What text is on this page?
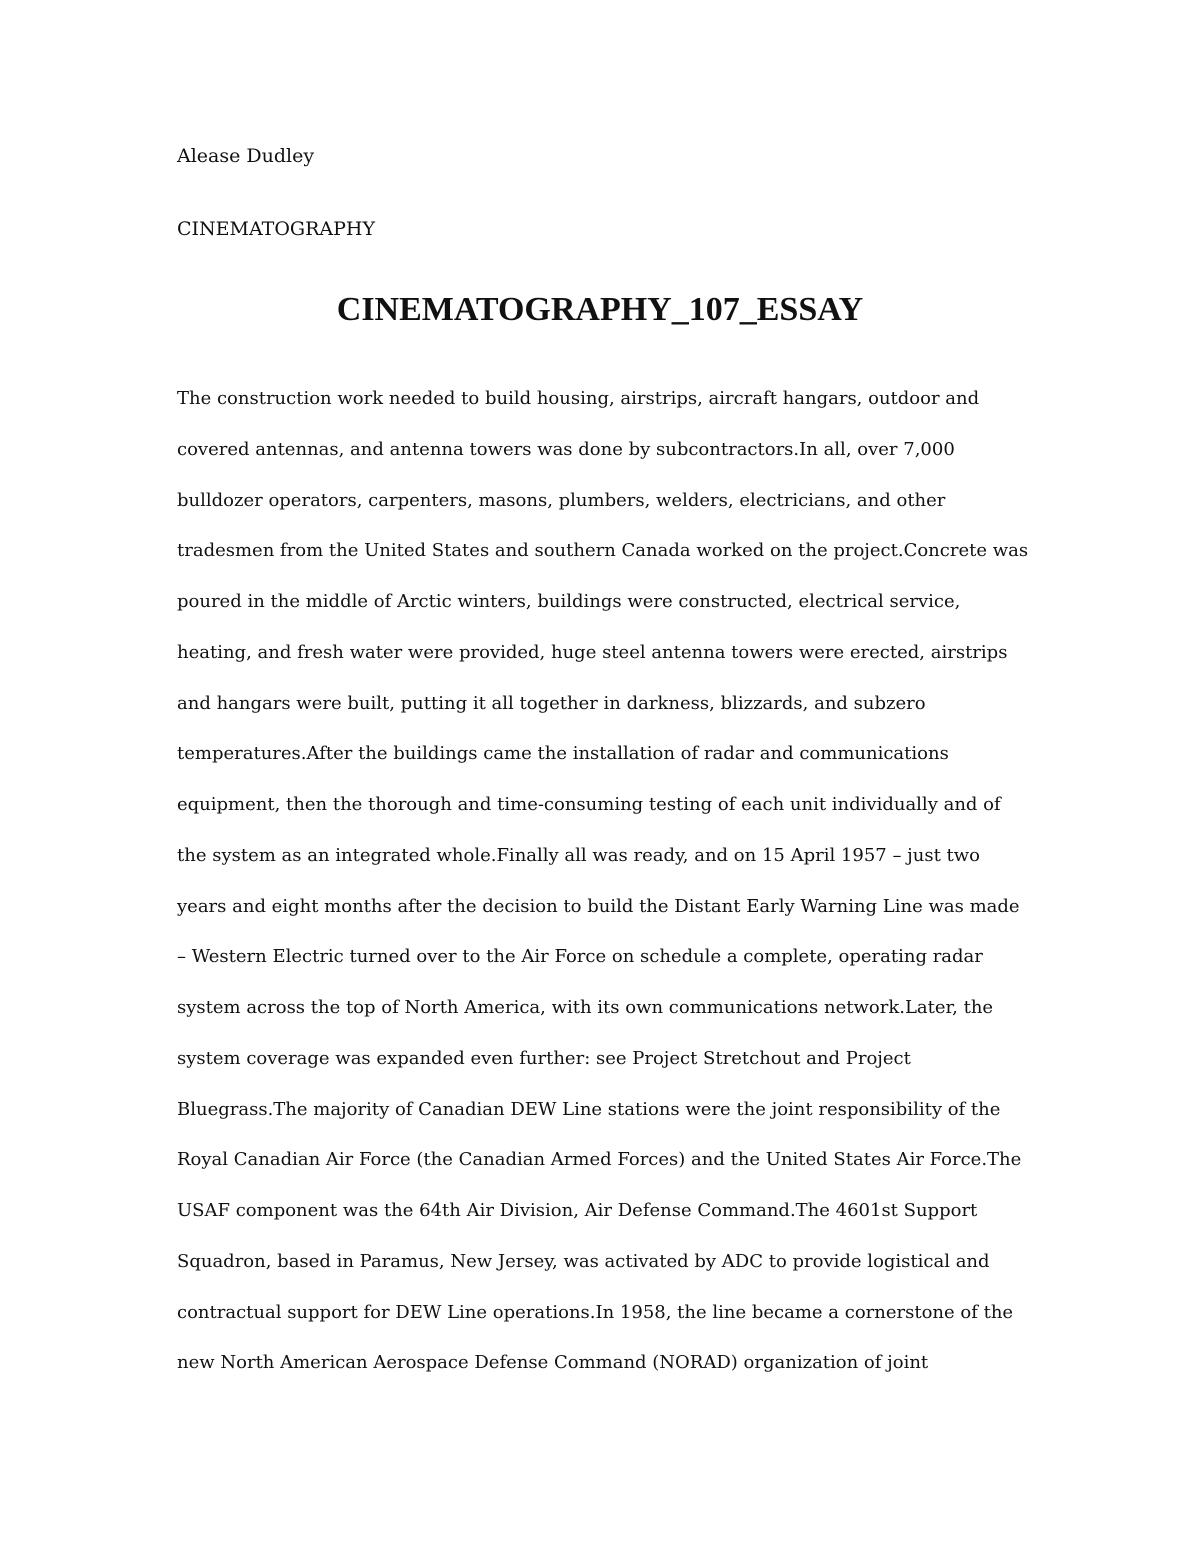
Alease Dudley
CINEMATOGRAPHY
CINEMATOGRAPHY_107_ESSAY
The construction work needed to build housing, airstrips, aircraft hangars, outdoor and
covered antennas, and antenna towers was done by subcontractors.In all, over 7,000
bulldozer operators, carpenters, masons, plumbers, welders, electricians, and other
tradesmen from the United States and southern Canada worked on the project.Concrete was
poured in the middle of Arctic winters, buildings were constructed, electrical service,
heating, and fresh water were provided, huge steel antenna towers were erected, airstrips
and hangars were built, putting it all together in darkness, blizzards, and subzero
temperatures.After the buildings came the installation of radar and communications
equipment, then the thorough and time-consuming testing of each unit individually and of
the system as an integrated whole.Finally all was ready, and on 15 April 1957 – just two
years and eight months after the decision to build the Distant Early Warning Line was made
– Western Electric turned over to the Air Force on schedule a complete, operating radar
system across the top of North America, with its own communications network.Later, the
system coverage was expanded even further: see Project Stretchout and Project
Bluegrass.The majority of Canadian DEW Line stations were the joint responsibility of the
Royal Canadian Air Force (the Canadian Armed Forces) and the United States Air Force.The
USAF component was the 64th Air Division, Air Defense Command.The 4601st Support
Squadron, based in Paramus, New Jersey, was activated by ADC to provide logistical and
contractual support for DEW Line operations.In 1958, the line became a cornerstone of the
new North American Aerospace Defense Command (NORAD) organization of joint
